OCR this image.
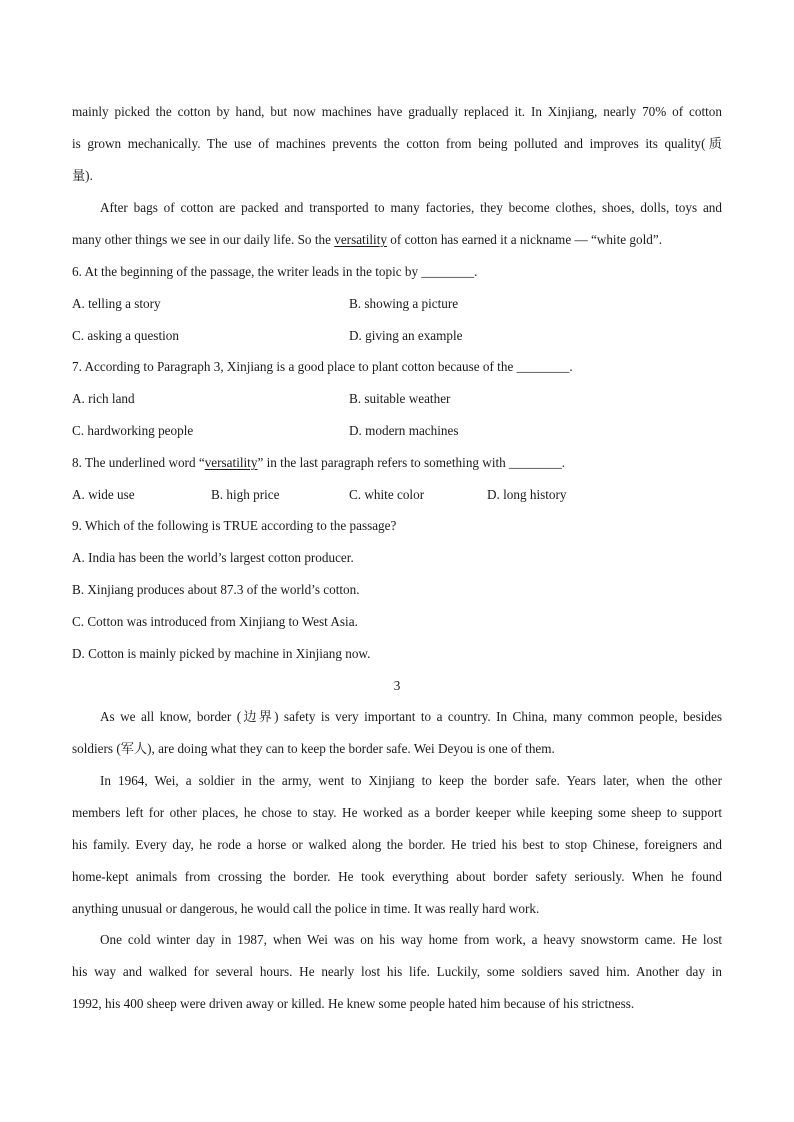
mainly picked the cotton by hand, but now machines have gradually replaced it. In Xinjiang, nearly 70% of cotton
is grown mechanically. The use of machines prevents the cotton from being polluted and improves its quality(质
量).
After bags of cotton are packed and transported to many factories, they become clothes, shoes, dolls, toys and
many other things we see in our daily life. So the versatility of cotton has earned it a nickname — “white gold”.
6. At the beginning of the passage, the writer leads in the topic by ________.
A. telling a story	B. showing a picture
C. asking a question	D. giving an example
7. According to Paragraph 3, Xinjiang is a good place to plant cotton because of the ________.
A. rich land	B. suitable weather
C. hardworking people	D. modern machines
8. The underlined word “versatility” in the last paragraph refers to something with ________.
A. wide use	B. high price	C. white color	D. long history
9. Which of the following is TRUE according to the passage?
A. India has been the world’s largest cotton producer.
B. Xinjiang produces about 87.3 of the world’s cotton.
C. Cotton was introduced from Xinjiang to West Asia.
D. Cotton is mainly picked by machine in Xinjiang now.
3
As we all know, border (边界) safety is very important to a country. In China, many common people, besides
soldiers (军人), are doing what they can to keep the border safe. Wei Deyou is one of them.
In 1964, Wei, a soldier in the army, went to Xinjiang to keep the border safe. Years later, when the other
members left for other places, he chose to stay. He worked as a border keeper while keeping some sheep to support
his family. Every day, he rode a horse or walked along the border. He tried his best to stop Chinese, foreigners and
home-kept animals from crossing the border. He took everything about border safety seriously. When he found
anything unusual or dangerous, he would call the police in time. It was really hard work.
One cold winter day in 1987, when Wei was on his way home from work, a heavy snowstorm came. He lost
his way and walked for several hours. He nearly lost his life. Luckily, some soldiers saved him. Another day in
1992, his 400 sheep were driven away or killed. He knew some people hated him because of his strictness.
